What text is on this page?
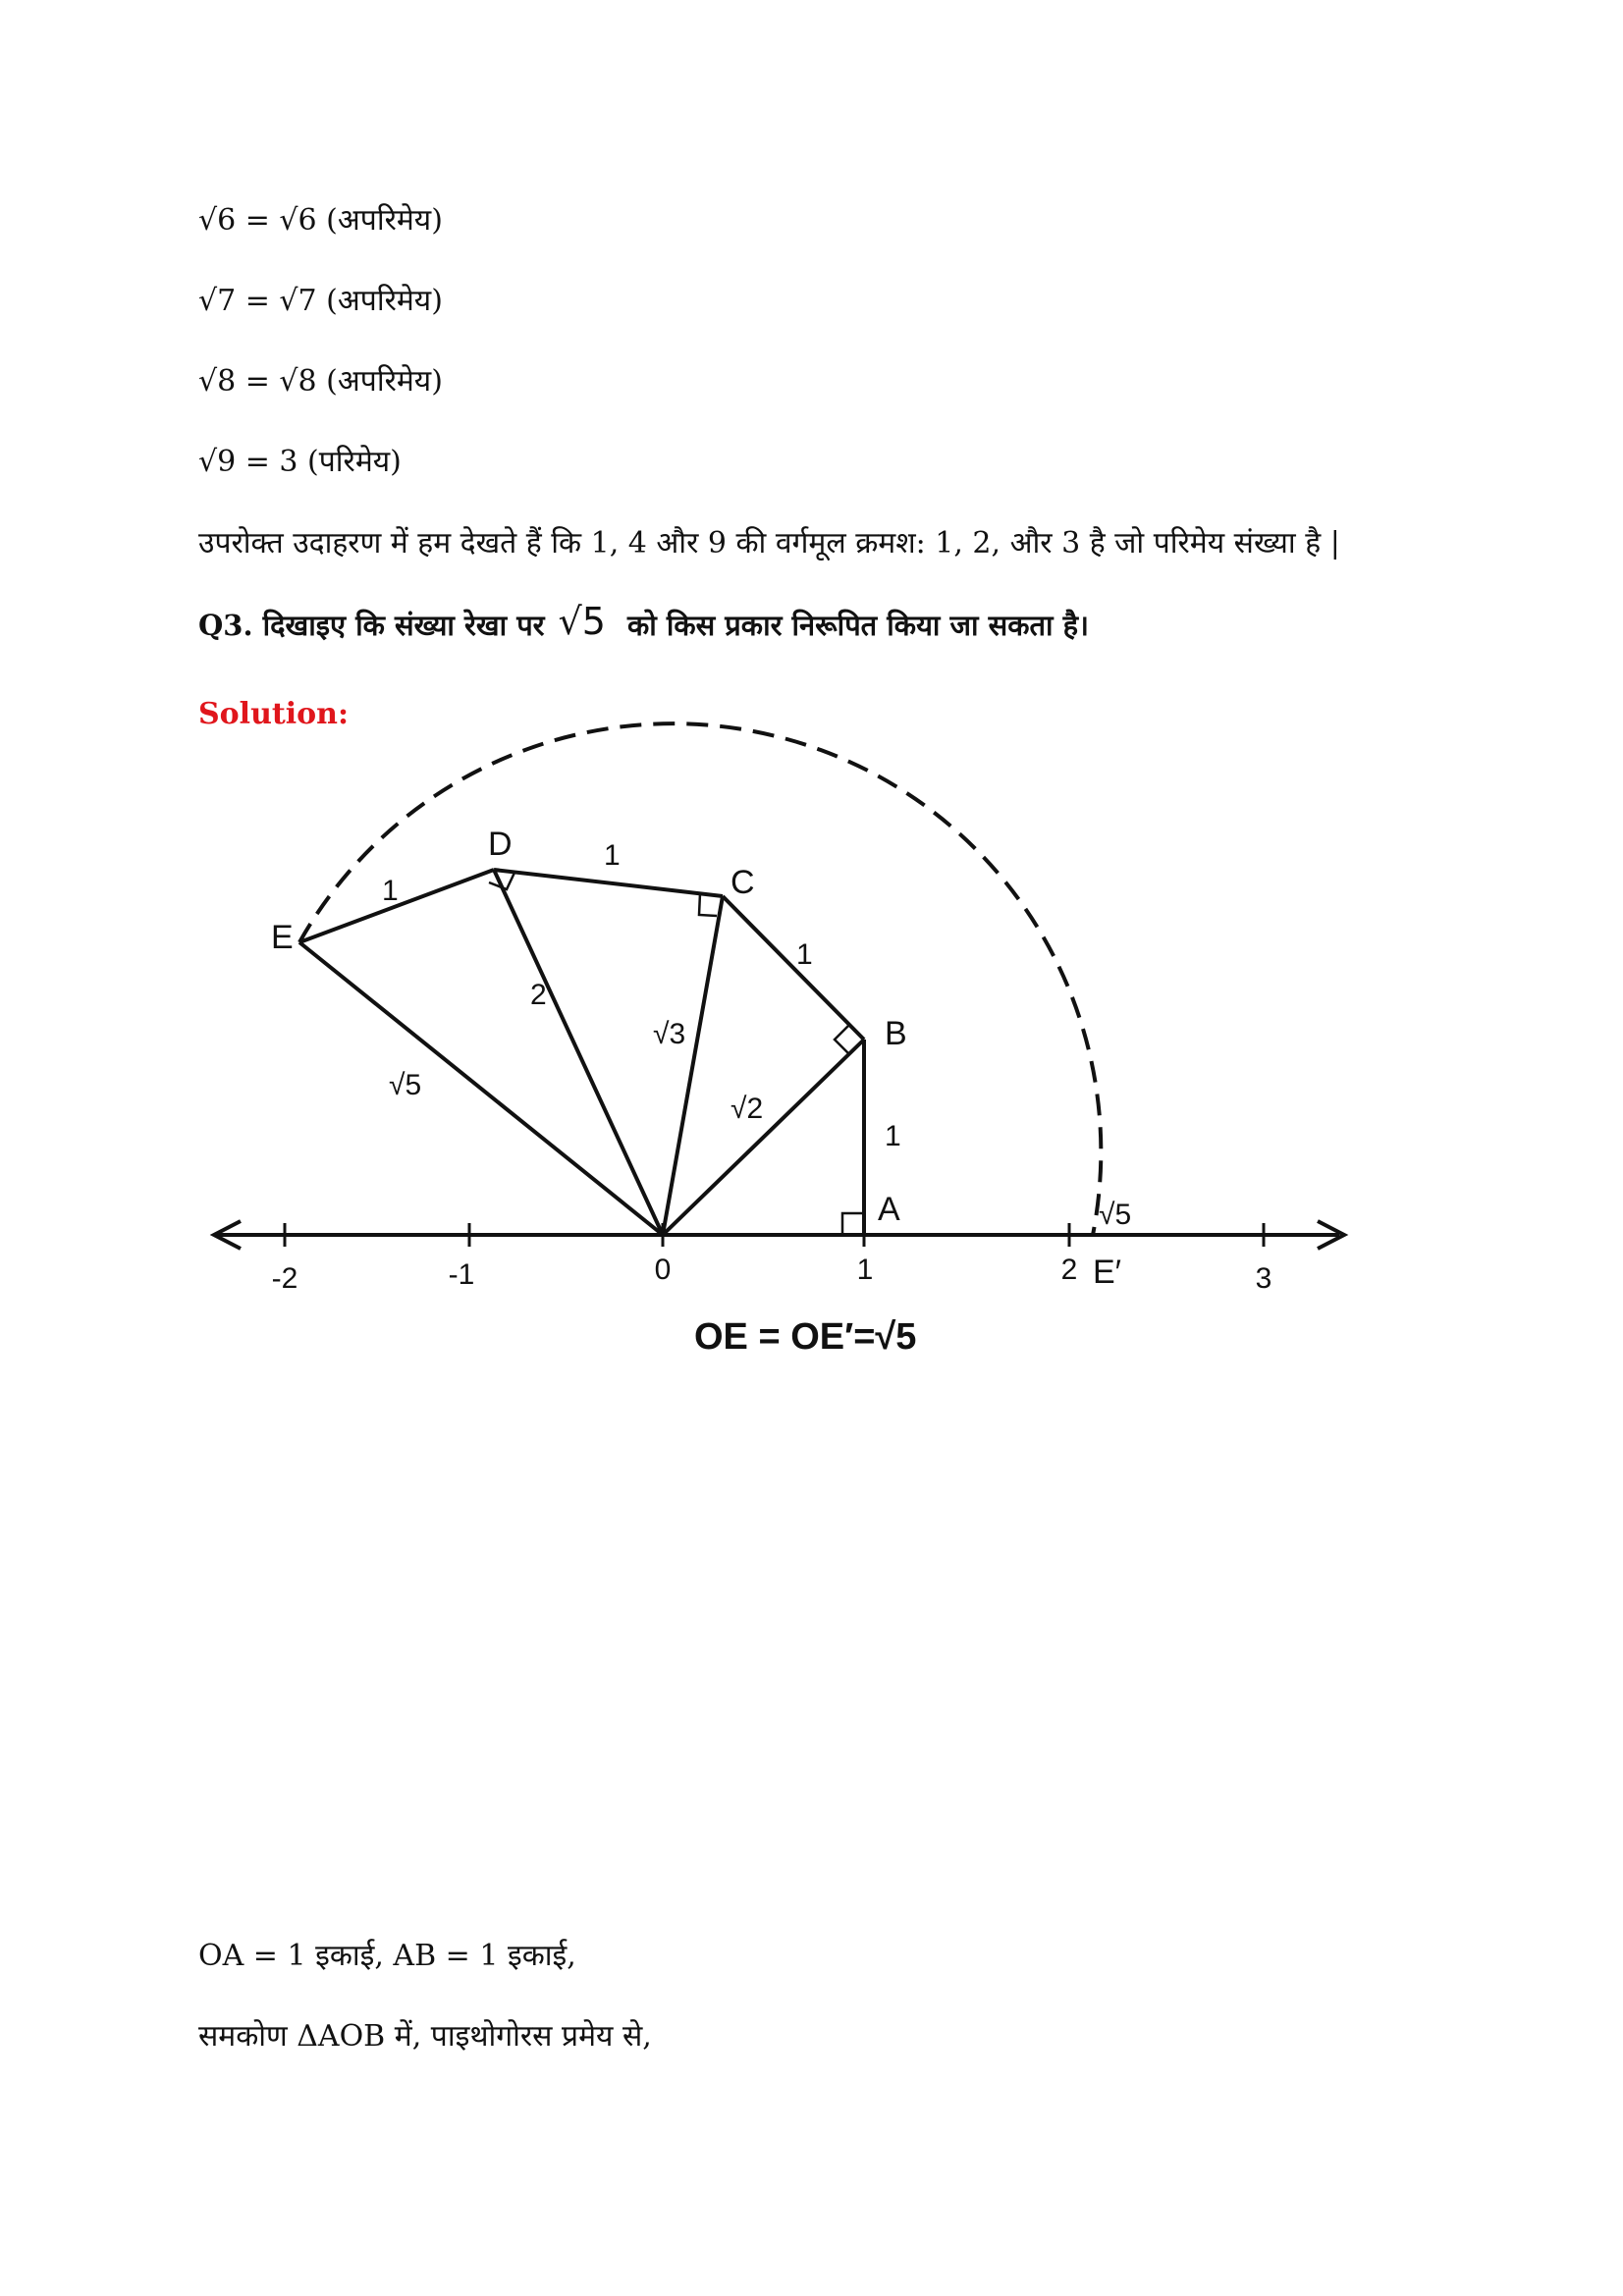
√6 = √6 (अपरिमेय)
√7 = √7 (अपरिमेय)
√8 = √8 (अपरिमेय)
√9 = 3 (परिमेय)
उपरोक्त उदाहरण में हम देखते हैं कि 1, 4 और 9 की वर्गमूल क्रमश: 1, 2, और 3 है जो परिमेय संख्या है |
Q3. दिखाइए कि संख्या रेखा पर √5 को किस प्रकार निरूपित किया जा सकता है।
Solution:
E
D
C
B
A
E′
1
1
1
1
√5
2
√3
√2
√5
-2	-1	0	1	2	3
OE = OE′=√5
OA = 1 इकाई, AB = 1 इकाई,
समकोण ΔAOB में, पाइथोगोरस प्रमेय से,
